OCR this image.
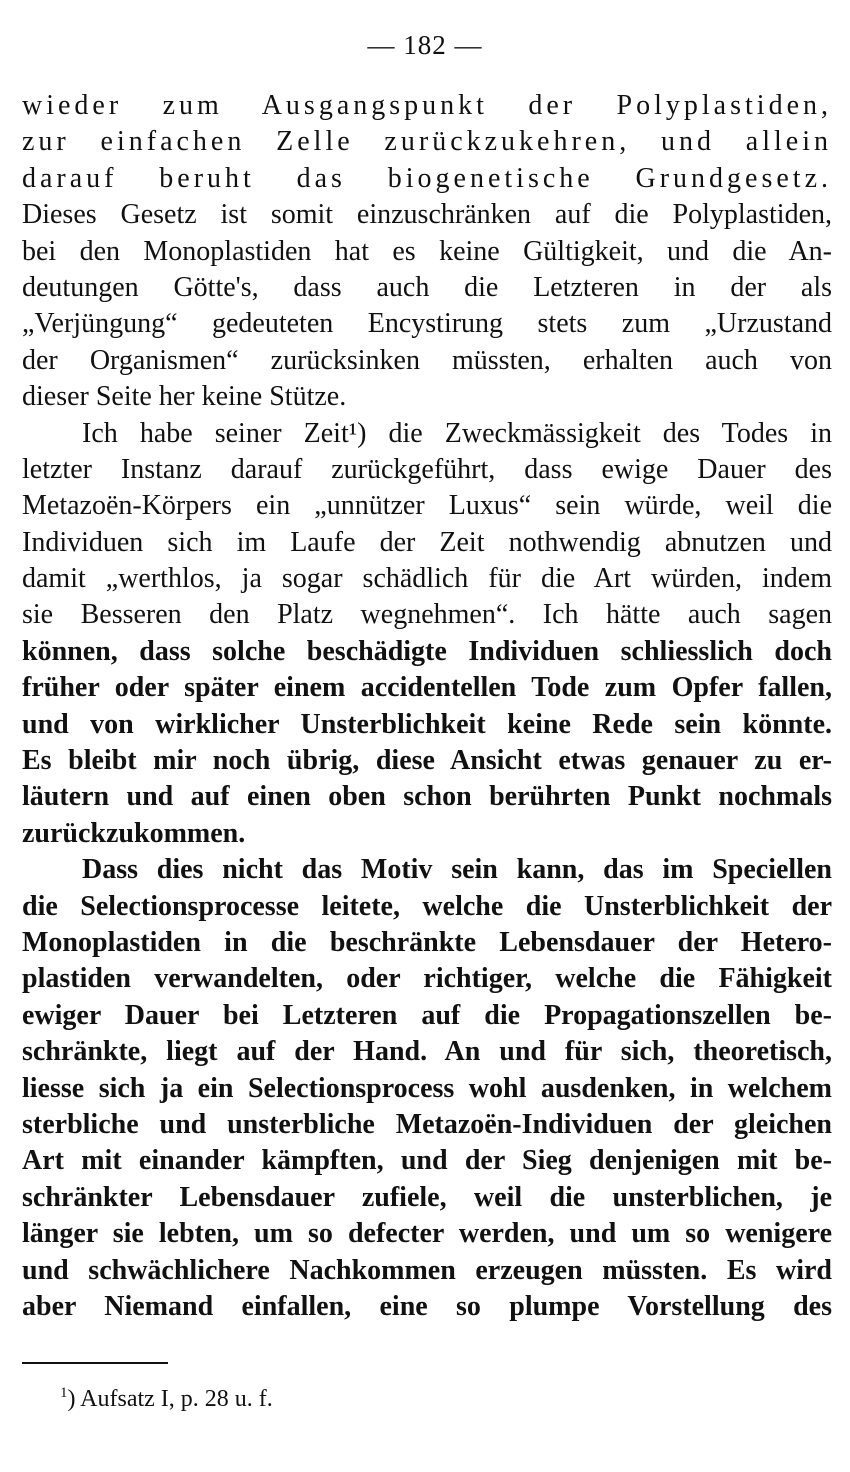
— 182 —
wieder zum Ausgangspunkt der Polyplastiden,
zur einfachen Zelle zurückzukehren, und allein
darauf beruht das biogenetische Grundgesetz.
Dieses Gesetz ist somit einzuschränken auf die Polyplastiden,
bei den Monoplastiden hat es keine Gültigkeit, und die An-
deutungen Götte's, dass auch die Letzteren in der als
„Verjüngung“ gedeuteten Encystirung stets zum „Urzustand
der Organismen“ zurücksinken müssten, erhalten auch von
dieser Seite her keine Stütze.
Ich habe seiner Zeit¹) die Zweckmässigkeit des Todes in
letzter Instanz darauf zurückgeführt, dass ewige Dauer des
Metazoën-Körpers ein „unnützer Luxus“ sein würde, weil die
Individuen sich im Laufe der Zeit nothwendig abnutzen und
damit „werthlos, ja sogar schädlich für die Art würden, indem
sie Besseren den Platz wegnehmen“. Ich hätte auch sagen
können, dass solche beschädigte Individuen schliesslich doch
früher oder später einem accidentellen Tode zum Opfer fallen,
und von wirklicher Unsterblichkeit keine Rede sein könnte.
Es bleibt mir noch übrig, diese Ansicht etwas genauer zu er-
läutern und auf einen oben schon berührten Punkt nochmals
zurückzukommen.
Dass dies nicht das Motiv sein kann, das im Speciellen
die Selectionsprocesse leitete, welche die Unsterblichkeit der
Monoplastiden in die beschränkte Lebensdauer der Hetero-
plastiden verwandelten, oder richtiger, welche die Fähigkeit
ewiger Dauer bei Letzteren auf die Propagationszellen be-
schränkte, liegt auf der Hand. An und für sich, theoretisch,
liesse sich ja ein Selectionsprocess wohl ausdenken, in welchem
sterbliche und unsterbliche Metazoën-Individuen der gleichen
Art mit einander kämpften, und der Sieg denjenigen mit be-
schränkter Lebensdauer zufiele, weil die unsterblichen, je
länger sie lebten, um so defecter werden, und um so wenigere
und schwächlichere Nachkommen erzeugen müssten. Es wird
aber Niemand einfallen, eine so plumpe Vorstellung des
$^1$) Aufsatz I, p. 28 u. f.
